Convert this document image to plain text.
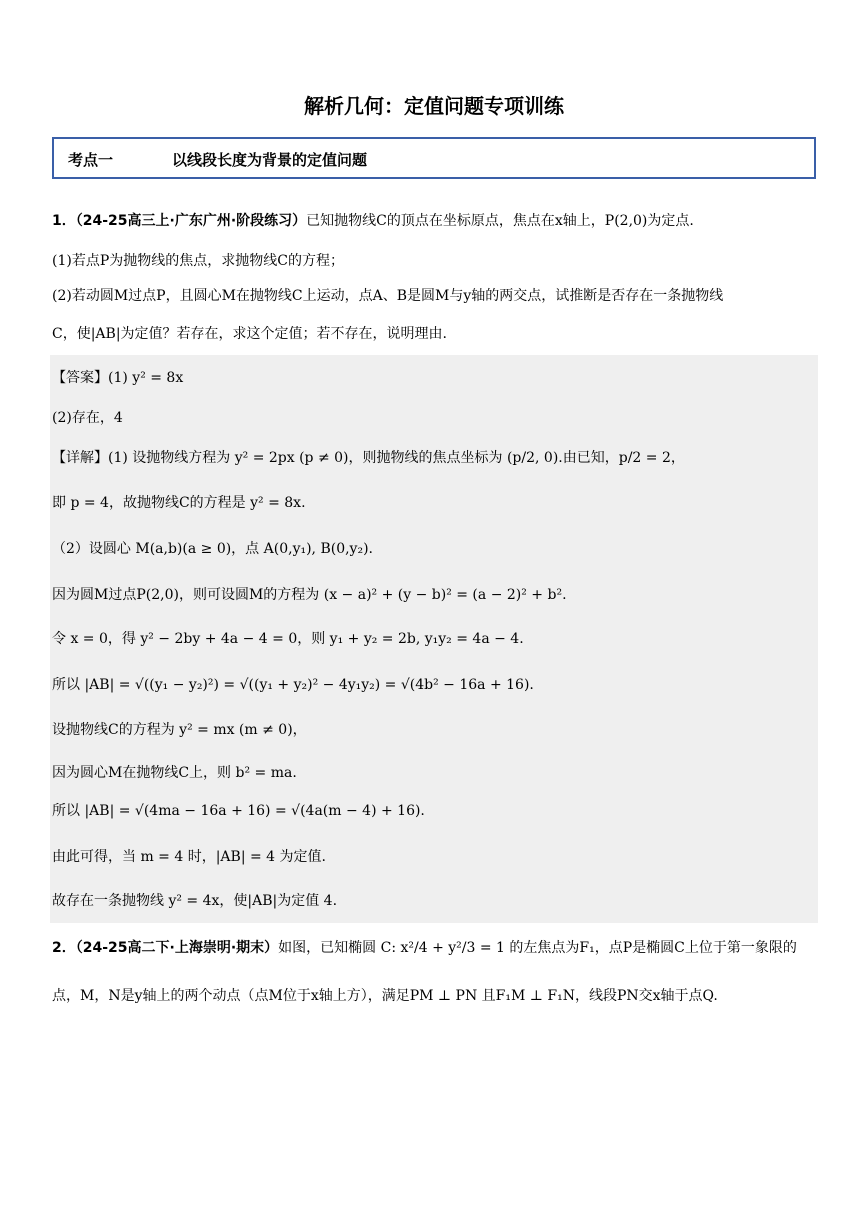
解析几何：定值问题专项训练
考点一	以线段长度为背景的定值问题
1．（24-25高三上·广东广州·阶段练习）已知抛物线C的顶点在坐标原点，焦点在x轴上，P(2,0)为定点.
(1)若点P为抛物线的焦点，求抛物线C的方程；
(2)若动圆M过点P，且圆心M在抛物线C上运动，点A、B是圆M与y轴的两交点，试推断是否存在一条抛物线
C，使|AB|为定值？若存在，求这个定值；若不存在，说明理由.
【答案】(1) y² = 8x
(2)存在，4
【详解】(1) 设抛物线方程为 y² = 2px (p ≠ 0)，则抛物线的焦点坐标为 (p/2, 0).由已知，p/2 = 2，
即 p = 4，故抛物线C的方程是 y² = 8x.
（2）设圆心 M(a,b)(a ≥ 0)，点 A(0,y₁), B(0,y₂).
因为圆M过点P(2,0)，则可设圆M的方程为 (x − a)² + (y − b)² = (a − 2)² + b².
令 x = 0，得 y² − 2by + 4a − 4 = 0，则 y₁ + y₂ = 2b, y₁y₂ = 4a − 4.
所以 |AB| = √((y₁ − y₂)²) = √((y₁ + y₂)² − 4y₁y₂) = √(4b² − 16a + 16).
设抛物线C的方程为 y² = mx (m ≠ 0)，
因为圆心M在抛物线C上，则 b² = ma.
所以 |AB| = √(4ma − 16a + 16) = √(4a(m − 4) + 16).
由此可得，当 m = 4 时，|AB| = 4 为定值.
故存在一条抛物线 y² = 4x，使|AB|为定值 4.
2．（24-25高二下·上海崇明·期末）如图，已知椭圆 C: x²/4 + y²/3 = 1 的左焦点为F₁，点P是椭圆C上位于第一象限的
点，M，N是y轴上的两个动点（点M位于x轴上方），满足PM ⊥ PN 且F₁M ⊥ F₁N，线段PN交x轴于点Q.
